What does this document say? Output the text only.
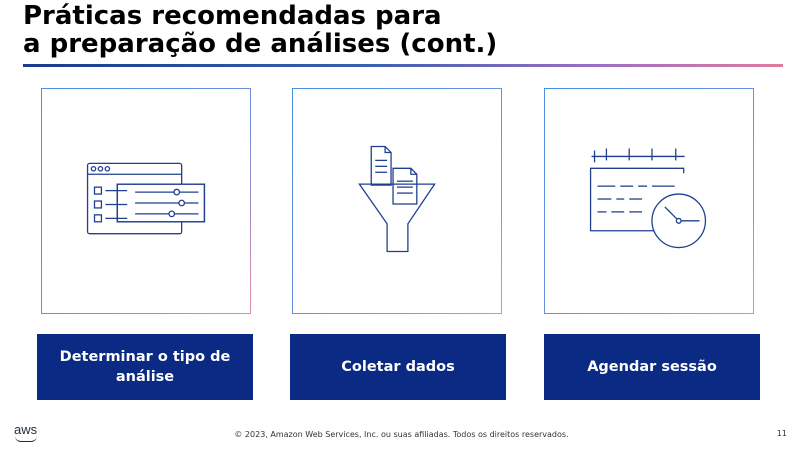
Práticas recomendadas para
a preparação de análises (cont.)
Determinar o tipo de análise
Coletar dados	Agendar sessão
aws	© 2023, Amazon Web Services, Inc. ou suas afiliadas. Todos os direitos reservados.	11
